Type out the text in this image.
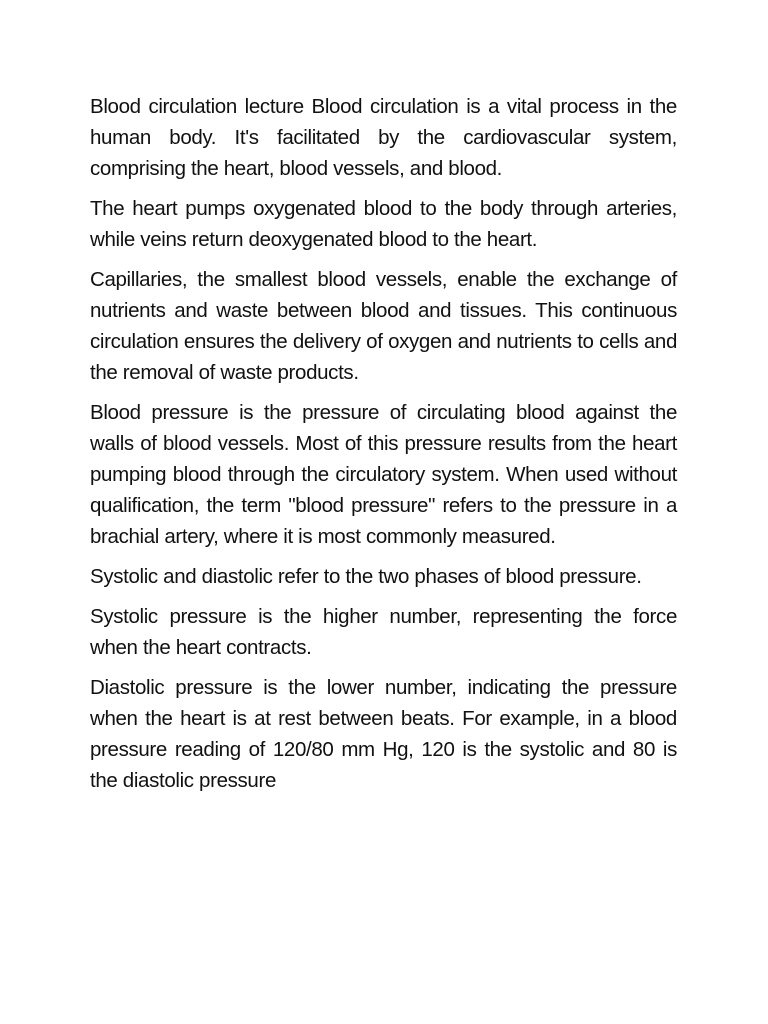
Blood circulation lecture Blood circulation is a vital process in the human body. It's facilitated by the cardiovascular system, comprising the heart, blood vessels, and blood.

The heart pumps oxygenated blood to the body through arteries, while veins return deoxygenated blood to the heart.

Capillaries, the smallest blood vessels, enable the exchange of nutrients and waste between blood and tissues. This continuous circulation ensures the delivery of oxygen and nutrients to cells and the removal of waste products.

Blood pressure is the pressure of circulating blood against the walls of blood vessels. Most of this pressure results from the heart pumping blood through the circulatory system. When used without qualification, the term "blood pressure" refers to the pressure in a brachial artery, where it is most commonly measured.

Systolic and diastolic refer to the two phases of blood pressure.

Systolic pressure is the higher number, representing the force when the heart contracts.

Diastolic pressure is the lower number, indicating the pressure when the heart is at rest between beats. For example, in a blood pressure reading of 120/80 mm Hg, 120 is the systolic and 80 is the diastolic pressure
